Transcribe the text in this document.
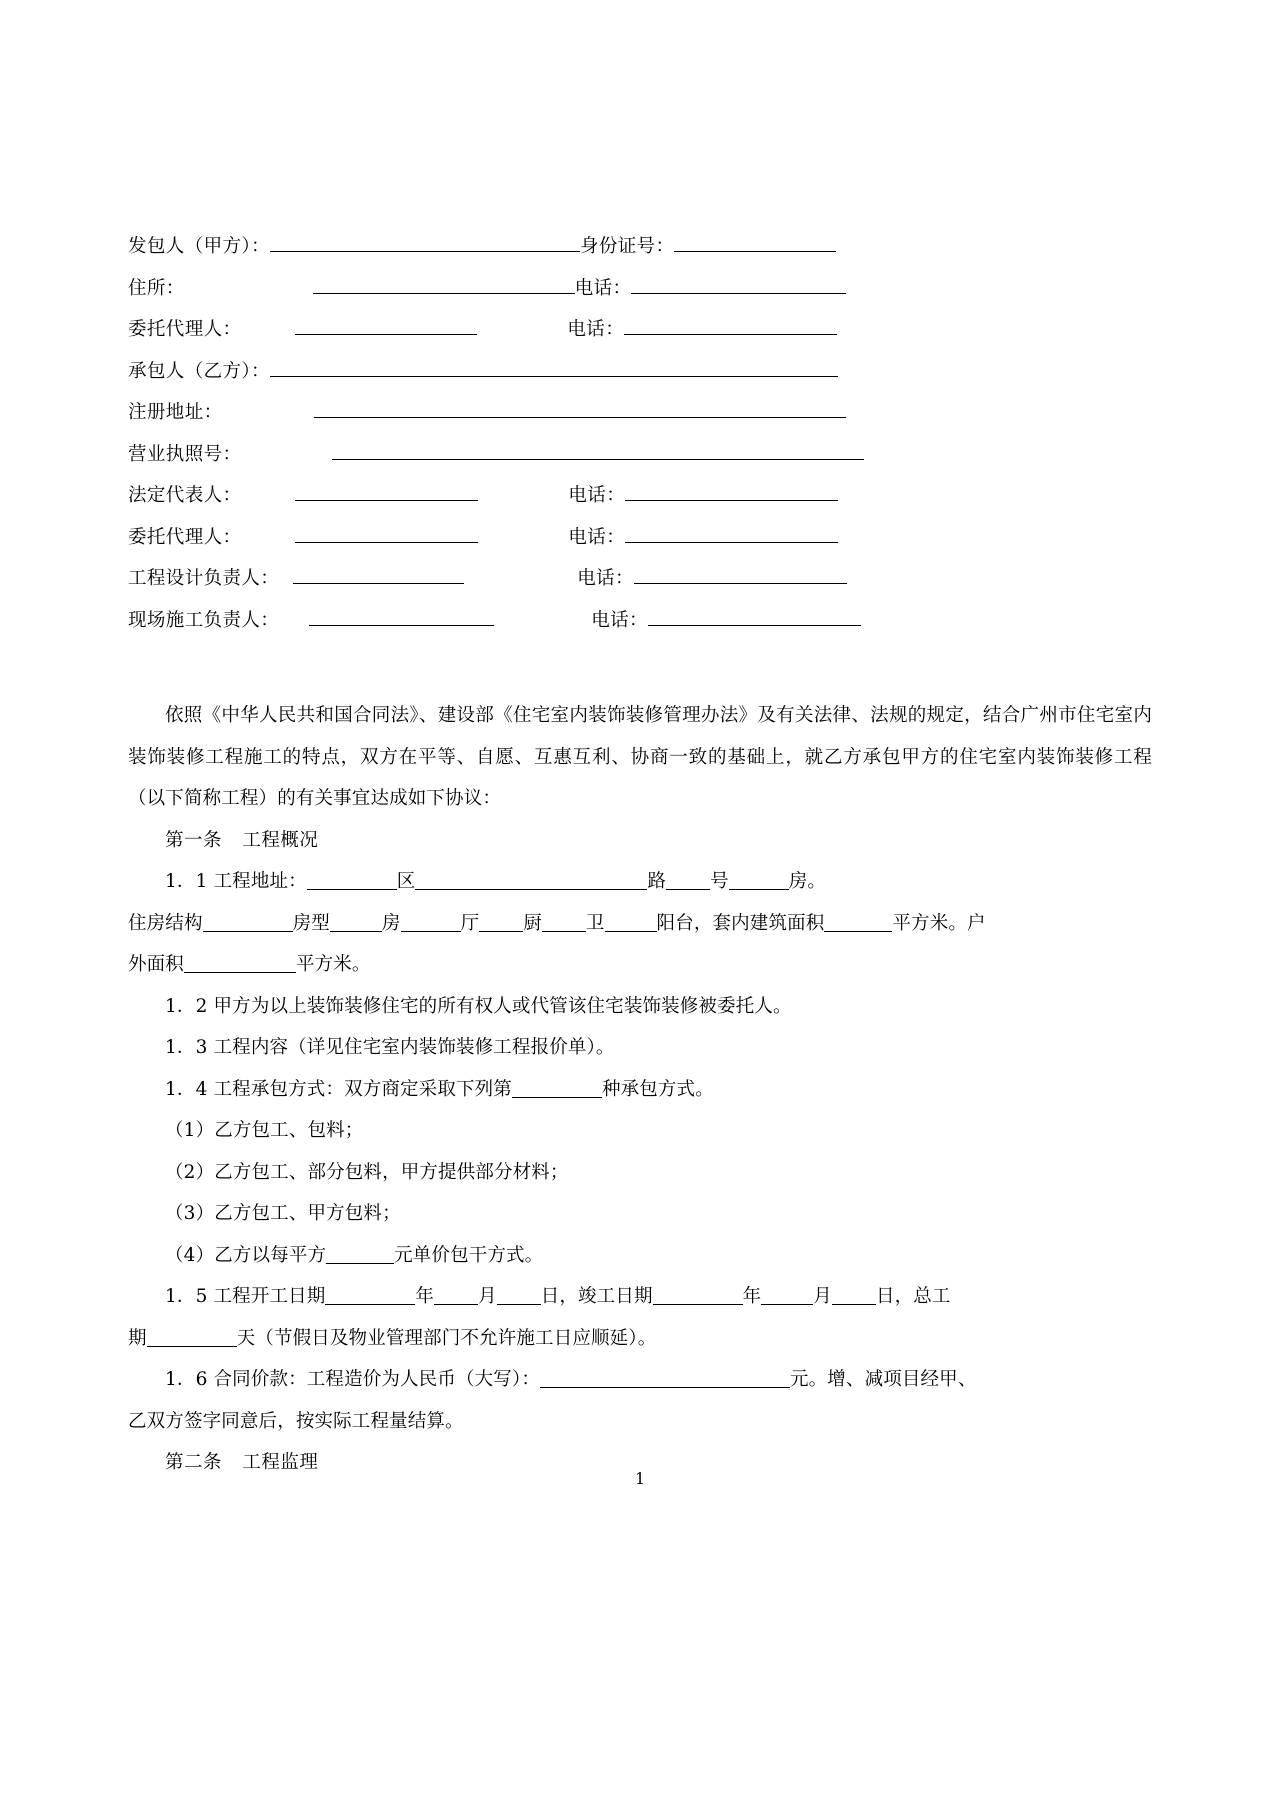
发包人（甲方）：	身份证号：
住所：	电话：
委托代理人：	电话：
承包人（乙方）：
注册地址：
营业执照号：
法定代表人：	电话：
委托代理人：	电话：
工程设计负责人：	电话：
现场施工负责人：	电话：

依照《中华人民共和国合同法》、建设部《住宅室内装饰装修管理办法》及有关法律、法规的规定，结合广州市住宅室内装饰装修工程施工的特点，双方在平等、自愿、互惠互利、协商一致的基础上，就乙方承包甲方的住宅室内装饰装修工程（以下简称工程）的有关事宜达成如下协议：

第一条 工程概况

1．1 工程地址：	区	路 号	房。

住房结构	房型	房	厅 厨 卫	阳台，套内建筑面积	平方米。户

外面积	平方米。

1．2 甲方为以上装饰装修住宅的所有权人或代管该住宅装饰装修被委托人。

1．3 工程内容（详见住宅室内装饰装修工程报价单）。

1．4 工程承包方式：双方商定采取下列第	种承包方式。

（1）乙方包工、包料；

（2）乙方包工、部分包料，甲方提供部分材料；

（3）乙方包工、甲方包料；

（4）乙方以每平方	元单价包干方式。

1．5 工程开工日期	年 月 日，竣工日期	年	月 日，总工

期	天（节假日及物业管理部门不允许施工日应顺延）。

1．6 合同价款：工程造价为人民币（大写）：	元。增、减项目经甲、

乙双方签字同意后，按实际工程量结算。

第二条 工程监理

1
